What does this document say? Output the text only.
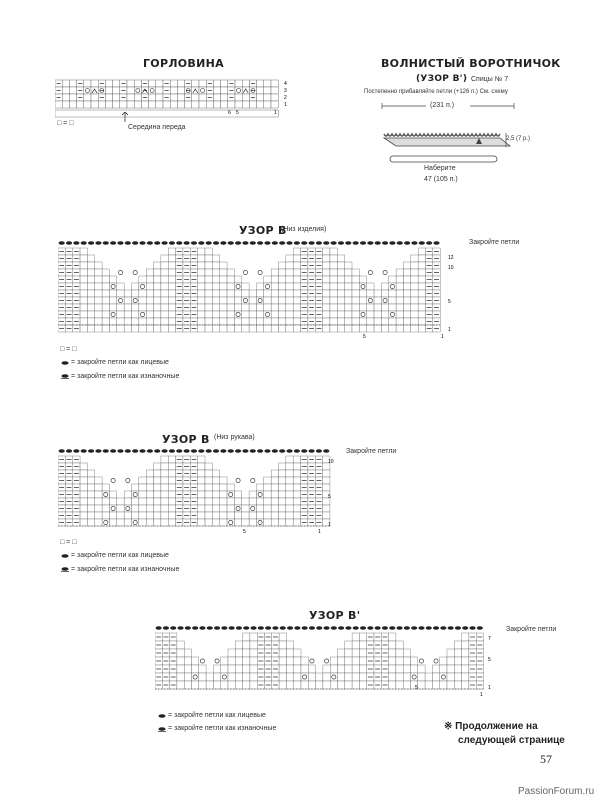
ГОРЛОВИНА
4
3
2
1
6 5	1
□ = □
Середина переда
ВОЛНИСТЫЙ ВОРОТНИЧОК
(УЗОР B') Спицы № 7
Постепенно прибавляйте петли (+126 п.) См. схему
(231 п.)
2,5 (7 р.)
Наберите
47 (105 п.)
УЗОР B
(Низ изделия)
12
10
5
1
5	1
Закройте петли
□ = □
= закройте петли как лицевые
= закройте петли как изнаночные
УЗОР B (Низ рукава)
10
5
1
5	1
Закройте петли
□ = □
= закройте петли как лицевые
= закройте петли как изнаночные
УЗОР B'
7
5
1
5
1
Закройте петли
= закройте петли как лицевые
= закройте петли как изнаночные	※ Продолжение на
следующей странице
57
PassionForum.ru
